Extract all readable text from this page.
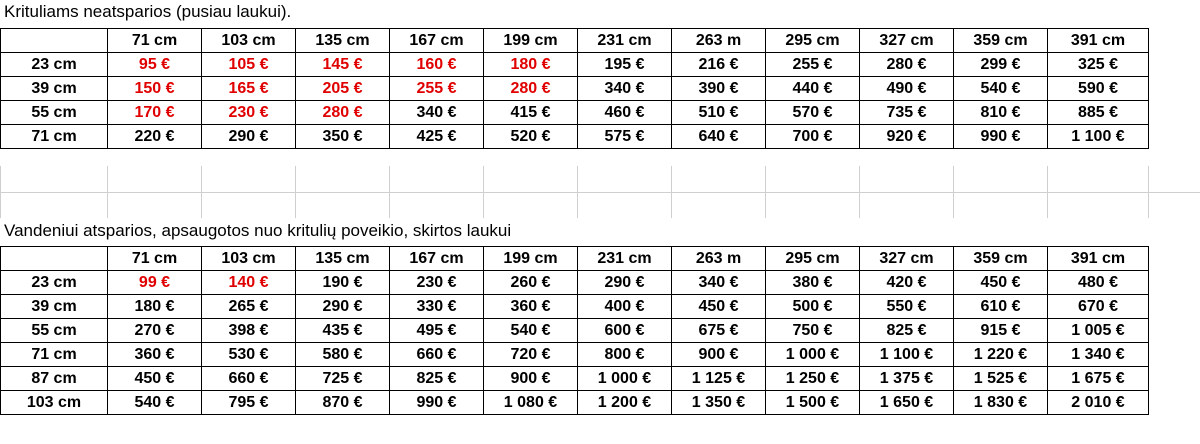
Krituliams neatsparios (pusiau laukui).
	71 cm	103 cm	135 cm	167 cm	199 cm	231 cm	263 m	295 cm	327 cm	359 cm	391 cm
23 cm	95 €	105 €	145 €	160 €	180 €	195 €	216 €	255 €	280 €	299 €	325 €
39 cm	150 €	165 €	205 €	255 €	280 €	340 €	390 €	440 €	490 €	540 €	590 €
55 cm	170 €	230 €	280 €	340 €	415 €	460 €	510 €	570 €	735 €	810 €	885 €
71 cm	220 €	290 €	350 €	425 €	520 €	575 €	640 €	700 €	920 €	990 €	1 100 €
Vandeniui atsparios, apsaugotos nuo kritulių poveikio, skirtos laukui
	71 cm	103 cm	135 cm	167 cm	199 cm	231 cm	263 m	295 cm	327 cm	359 cm	391 cm
23 cm	99 €	140 €	190 €	230 €	260 €	290 €	340 €	380 €	420 €	450 €	480 €
39 cm	180 €	265 €	290 €	330 €	360 €	400 €	450 €	500 €	550 €	610 €	670 €
55 cm	270 €	398 €	435 €	495 €	540 €	600 €	675 €	750 €	825 €	915 €	1 005 €
71 cm	360 €	530 €	580 €	660 €	720 €	800 €	900 €	1 000 €	1 100 €	1 220 €	1 340 €
87 cm	450 €	660 €	725 €	825 €	900 €	1 000 €	1 125 €	1 250 €	1 375 €	1 525 €	1 675 €
103 cm	540 €	795 €	870 €	990 €	1 080 €	1 200 €	1 350 €	1 500 €	1 650 €	1 830 €	2 010 €
